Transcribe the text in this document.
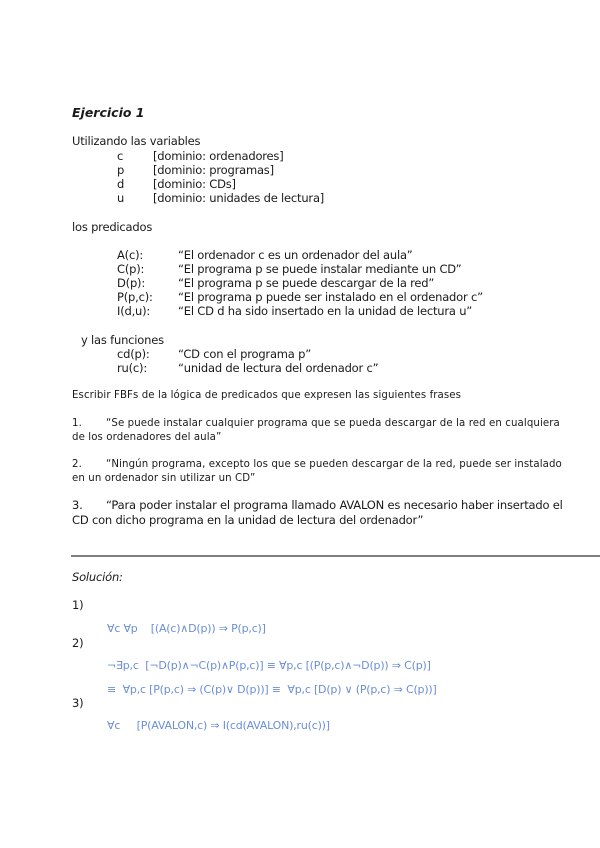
Ejercicio 1
Utilizando las variables
c	[dominio: ordenadores]
p	[dominio: programas]
d	[dominio: CDs]
u	[dominio: unidades de lectura]
los predicados
A(c):	“El ordenador c es un ordenador del aula”
C(p):	“El programa p se puede instalar mediante un CD”
D(p):	“El programa p se puede descargar de la red”
P(p,c): “El programa p puede ser instalado en el ordenador c”
I(d,u): “El CD d ha sido insertado en la unidad de lectura u”
y las funciones
cd(p): “CD con el programa p”
ru(c):	“unidad de lectura del ordenador c”
Escribir FBFs de la lógica de predicados que expresen las siguientes frases
1. “Se puede instalar cualquier programa que se pueda descargar de la red en cualquiera
de los ordenadores del aula”
2. “Ningún programa, excepto los que se pueden descargar de la red, puede ser instalado
en un ordenador sin utilizar un CD”
3. “Para poder instalar el programa llamado AVALON es necesario haber insertado el
CD con dicho programa en la unidad de lectura del ordenador”
Solución:
1)
∀c ∀p    [(A(c)∧D(p)) ⇒ P(p,c)]
2)
¬∃p,c  [¬D(p)∧¬C(p)∧P(p,c)] ≡ ∀p,c [(P(p,c)∧¬D(p)) ⇒ C(p)]
≡  ∀p,c [P(p,c) ⇒ (C(p)∨ D(p))] ≡  ∀p,c [D(p) ∨ (P(p,c) ⇒ C(p))]
3)
∀c     [P(AVALON,c) ⇒ I(cd(AVALON),ru(c))]
